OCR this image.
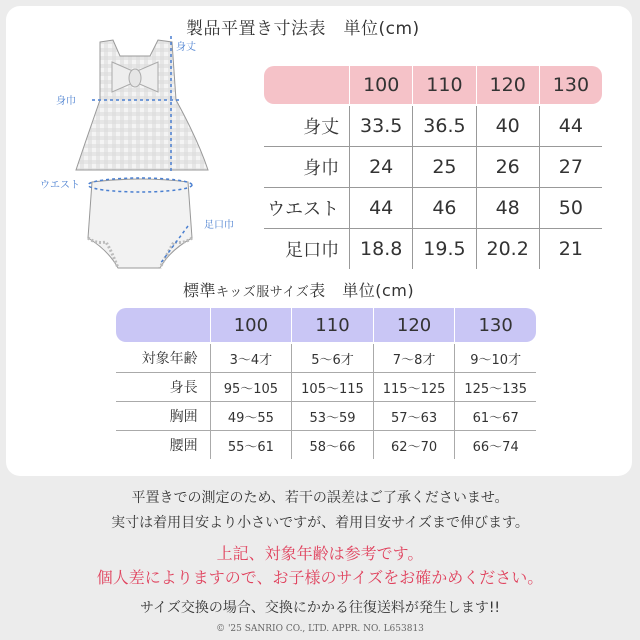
身丈
身巾
ウエスト
足口巾
製品平置き寸法表　単位(cm)
100	110	120	130
身丈	33.5	36.5	40	44
身巾	24	25	26	27
ウエスト	44	46	48	50
足口巾	18.8	19.5	20.2	21
標準キッズ服サイズ表　単位(cm)
100	110	120	130
対象年齢	3〜4才	5〜6才	7〜8才	9〜10才
身長	95〜105	105〜115	115〜125	125〜135
胸囲	49〜55	53〜59	57〜63	61〜67
腰囲	55〜61	58〜66	62〜70	66〜74
平置きでの測定のため、若干の誤差はご了承くださいませ。
実寸は着用目安より小さいですが、着用目安サイズまで伸びます。
上記、対象年齢は参考です。
個人差によりますので、お子様のサイズをお確かめください。
サイズ交換の場合、交換にかかる往復送料が発生します!!
© '25 SANRIO CO., LTD. APPR. NO. L653813
